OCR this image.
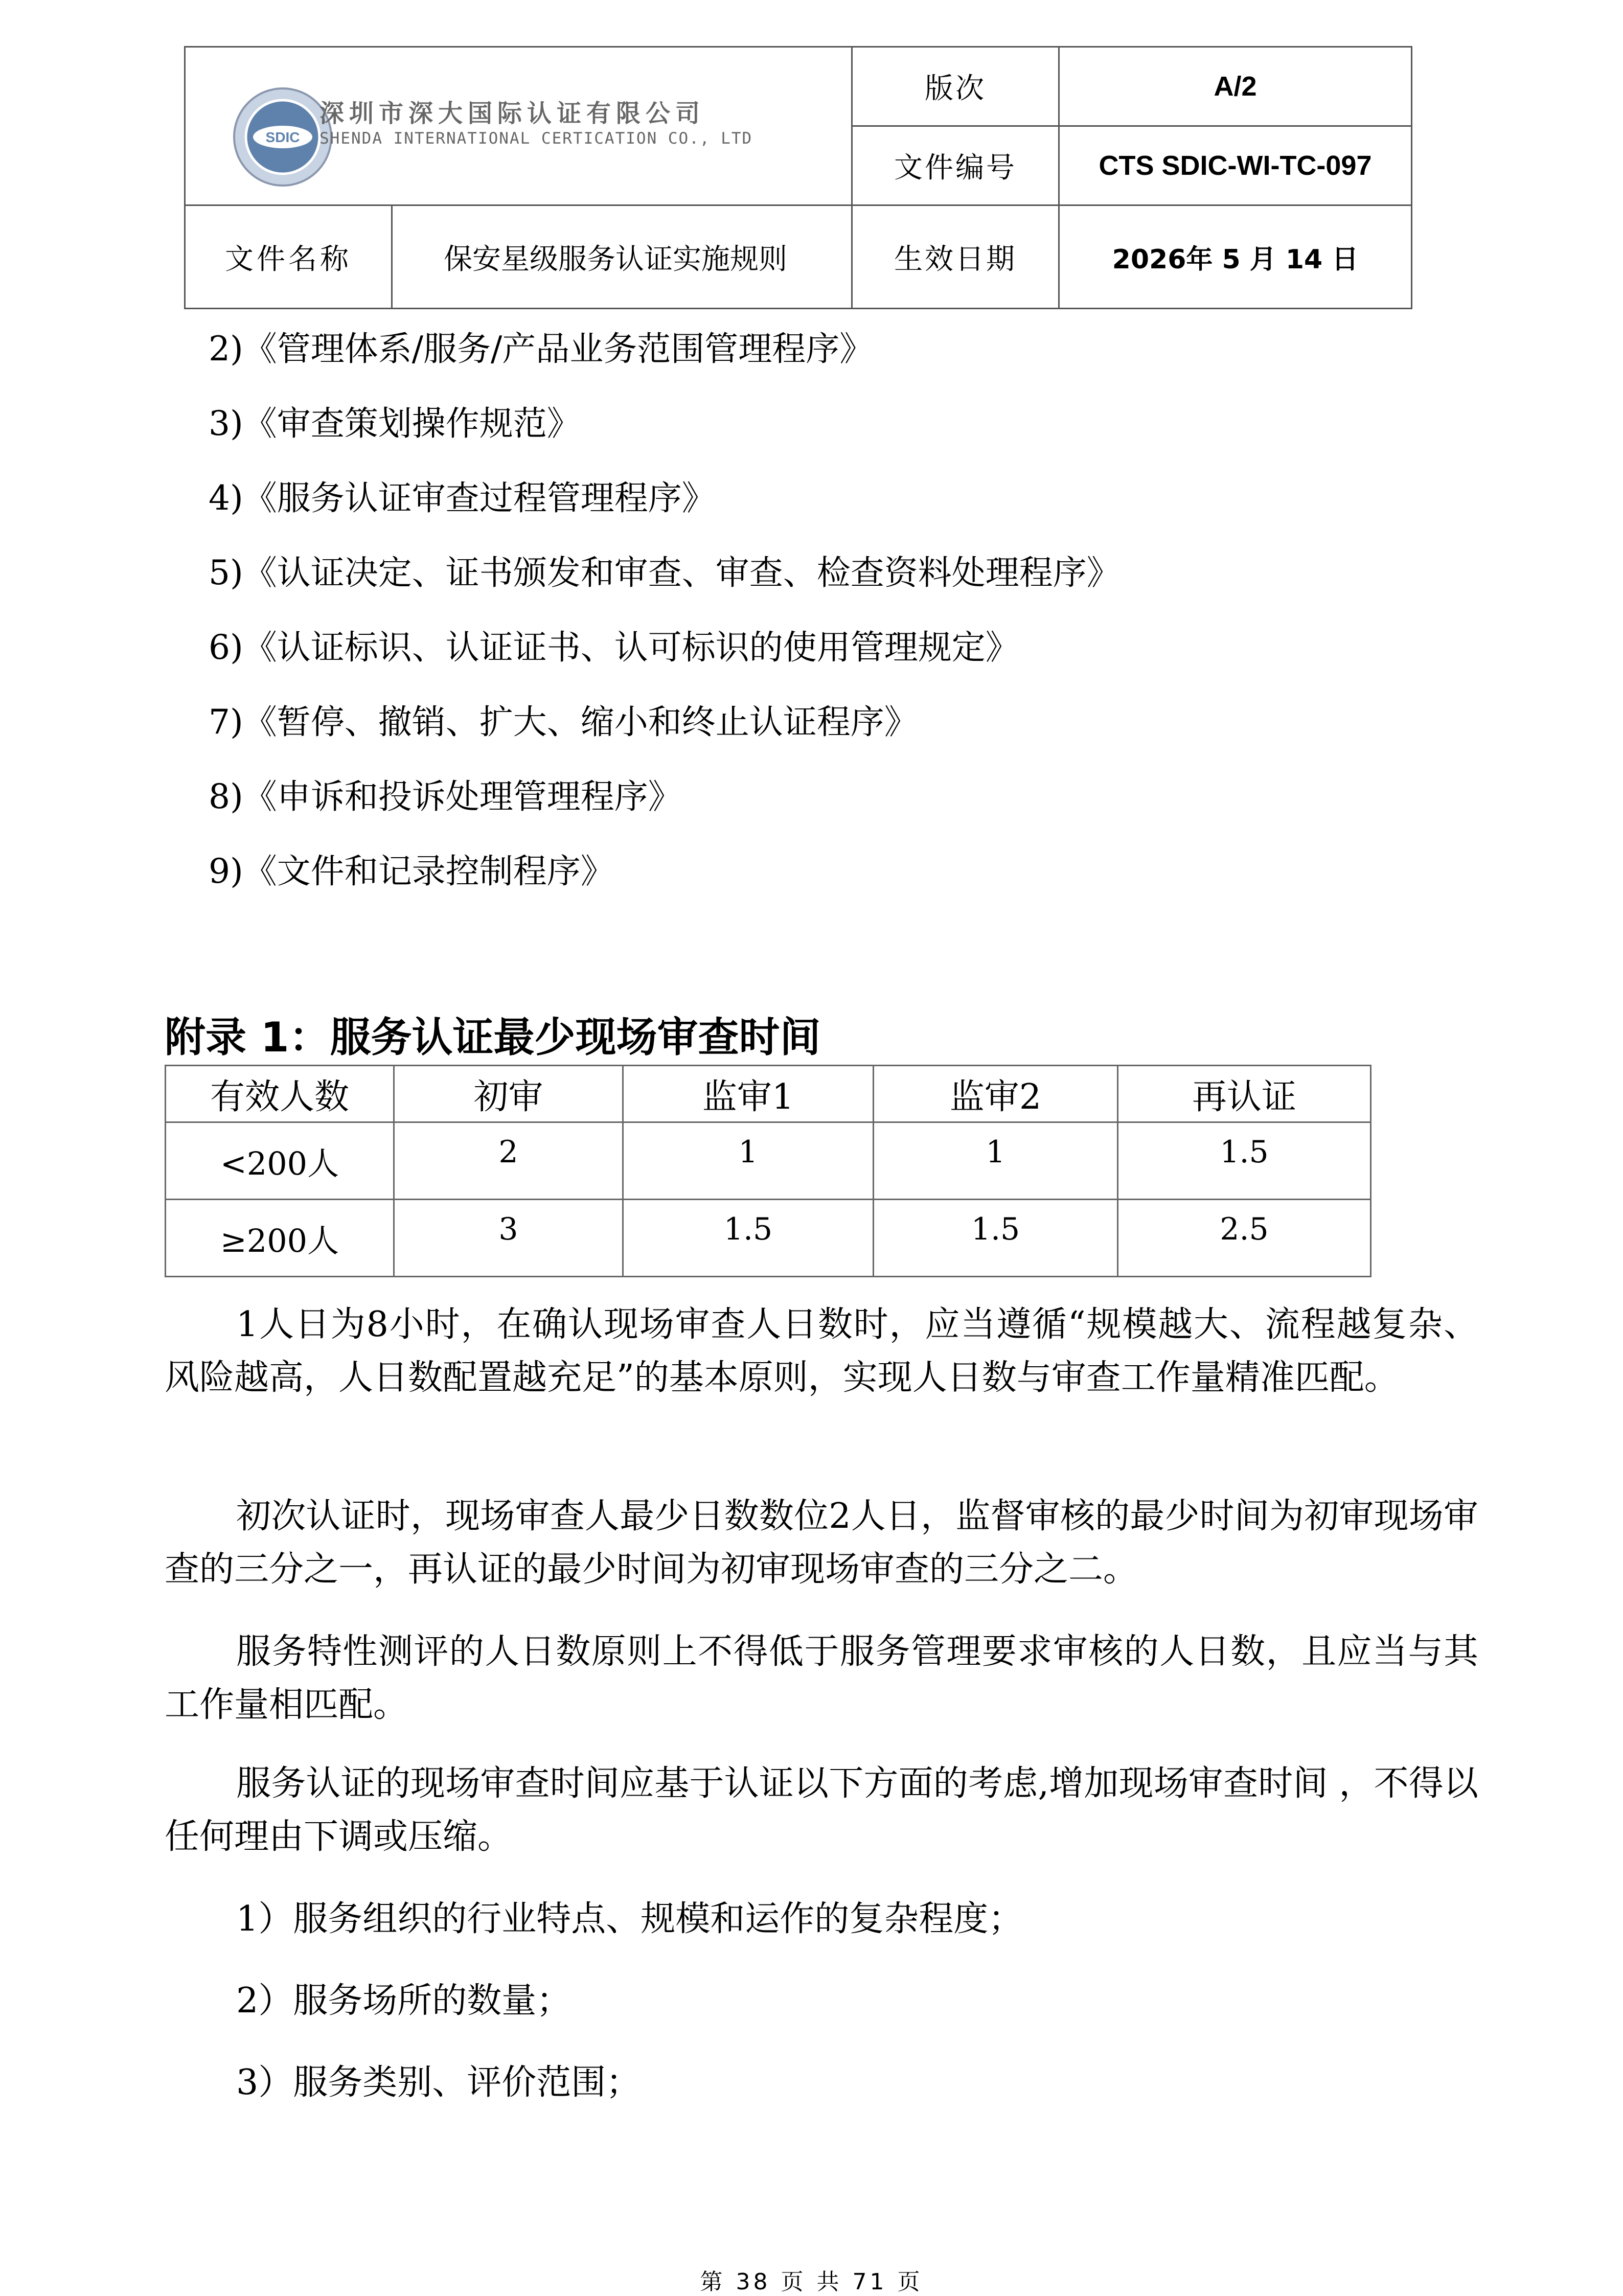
SDIC
深圳市深大国际认证有限公司
SHENDA INTERNATIONAL CERTICATION CO., LTD		版次	A/2
		文件编号	CTS SDIC-WI-TC-097
文件名称	保安星级服务认证实施规则	生效日期	2026年 5 月 14 日
2)《管理体系/服务/产品业务范围管理程序》
3)《审查策划操作规范》
4)《服务认证审查过程管理程序》
5)《认证决定、证书颁发和审查、审查、检查资料处理程序》
6)《认证标识、认证证书、认可标识的使用管理规定》
7)《暂停、撤销、扩大、缩小和终止认证程序》
8)《申诉和投诉处理管理程序》
9)《文件和记录控制程序》
附录 1：服务认证最少现场审查时间
有效人数	初审	监审1	监审2	再认证
<200人	2	1	1	1.5
≥200人	3	1.5	1.5	2.5

1人日为8小时，在确认现场审查人日数时，应当遵循“规模越大、流程越复杂、风险越高，人日数配置越充足”的基本原则，实现人日数与审查工作量精准匹配。

初次认证时，现场审查人最少日数数位2人日，监督审核的最少时间为初审现场审查的三分之一，再认证的最少时间为初审现场审查的三分之二。

服务特性测评的人日数原则上不得低于服务管理要求审核的人日数，且应当与其工作量相匹配。

服务认证的现场审查时间应基于认证以下方面的考虑,增加现场审查时间 ，不得以任何理由下调或压缩。

1）服务组织的行业特点、规模和运作的复杂程度；

2）服务场所的数量；

3）服务类别、评价范围；

第 38 页 共 71 页
